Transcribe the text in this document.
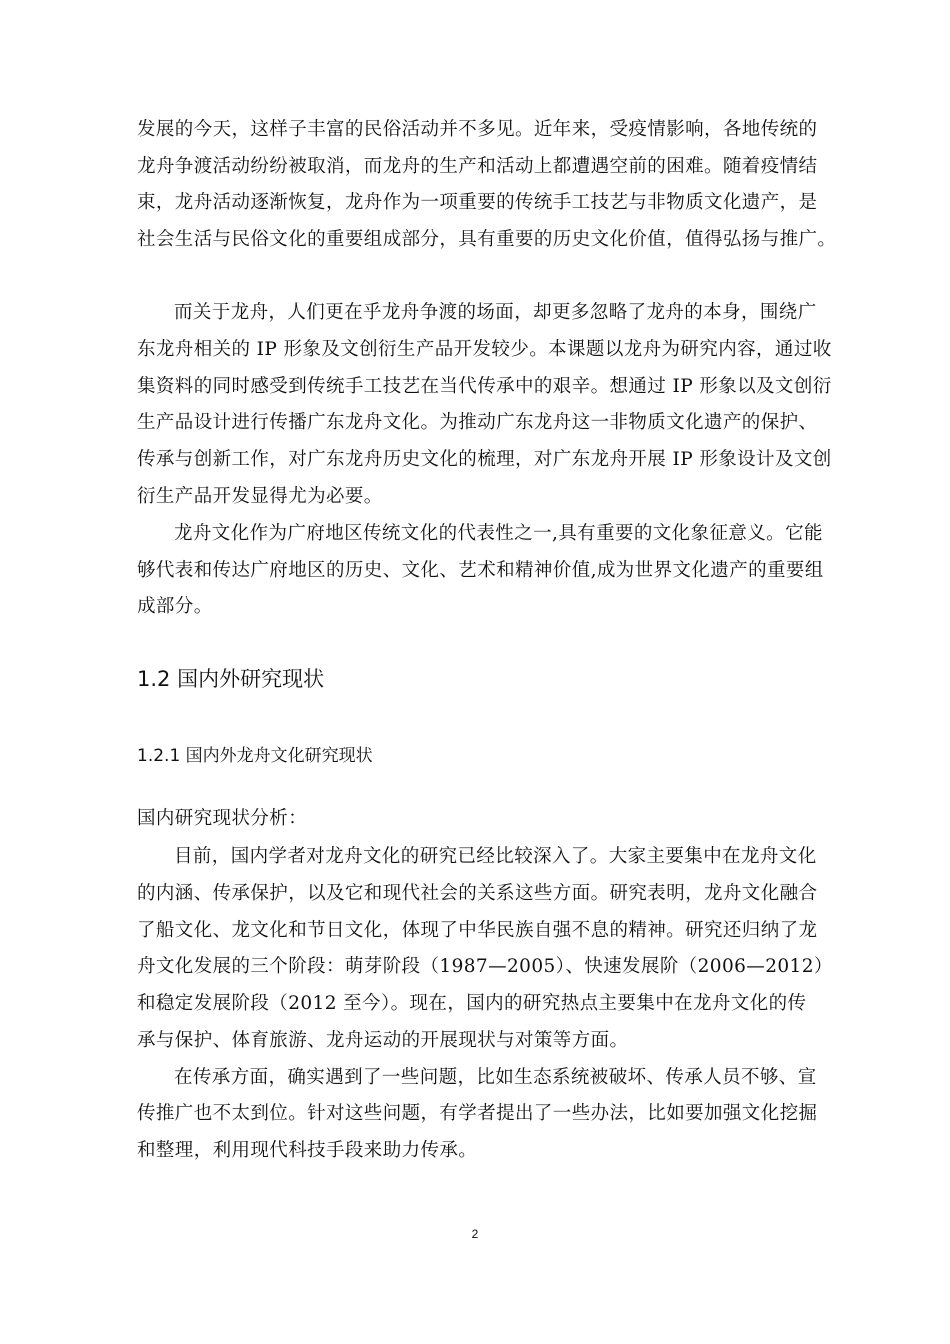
发展的今天，这样子丰富的民俗活动并不多见。近年来，受疫情影响，各地传统的
龙舟争渡活动纷纷被取消，而龙舟的生产和活动上都遭遇空前的困难。随着疫情结
束，龙舟活动逐渐恢复，龙舟作为一项重要的传统手工技艺与非物质文化遗产，是
社会生活与民俗文化的重要组成部分，具有重要的历史文化价值，值得弘扬与推广。
而关于龙舟，人们更在乎龙舟争渡的场面，却更多忽略了龙舟的本身，围绕广
东龙舟相关的 IP 形象及文创衍生产品开发较少。本课题以龙舟为研究内容，通过收
集资料的同时感受到传统手工技艺在当代传承中的艰辛。想通过 IP 形象以及文创衍
生产品设计进行传播广东龙舟文化。为推动广东龙舟这一非物质文化遗产的保护、
传承与创新工作，对广东龙舟历史文化的梳理，对广东龙舟开展 IP 形象设计及文创
衍生产品开发显得尤为必要。
龙舟文化作为广府地区传统文化的代表性之一,具有重要的文化象征意义。它能
够代表和传达广府地区的历史、文化、艺术和精神价值,成为世界文化遗产的重要组
成部分。
1.2 国内外研究现状
1.2.1 国内外龙舟文化研究现状
国内研究现状分析：
目前，国内学者对龙舟文化的研究已经比较深入了。大家主要集中在龙舟文化
的内涵、传承保护，以及它和现代社会的关系这些方面。研究表明，龙舟文化融合
了船文化、龙文化和节日文化，体现了中华民族自强不息的精神。研究还归纳了龙
舟文化发展的三个阶段：萌芽阶段（1987—2005）、快速发展阶（2006—2012）
和稳定发展阶段（2012 至今）。现在，国内的研究热点主要集中在龙舟文化的传
承与保护、体育旅游、龙舟运动的开展现状与对策等方面。
在传承方面，确实遇到了一些问题，比如生态系统被破坏、传承人员不够、宣
传推广也不太到位。针对这些问题，有学者提出了一些办法，比如要加强文化挖掘
和整理，利用现代科技手段来助力传承。
2
